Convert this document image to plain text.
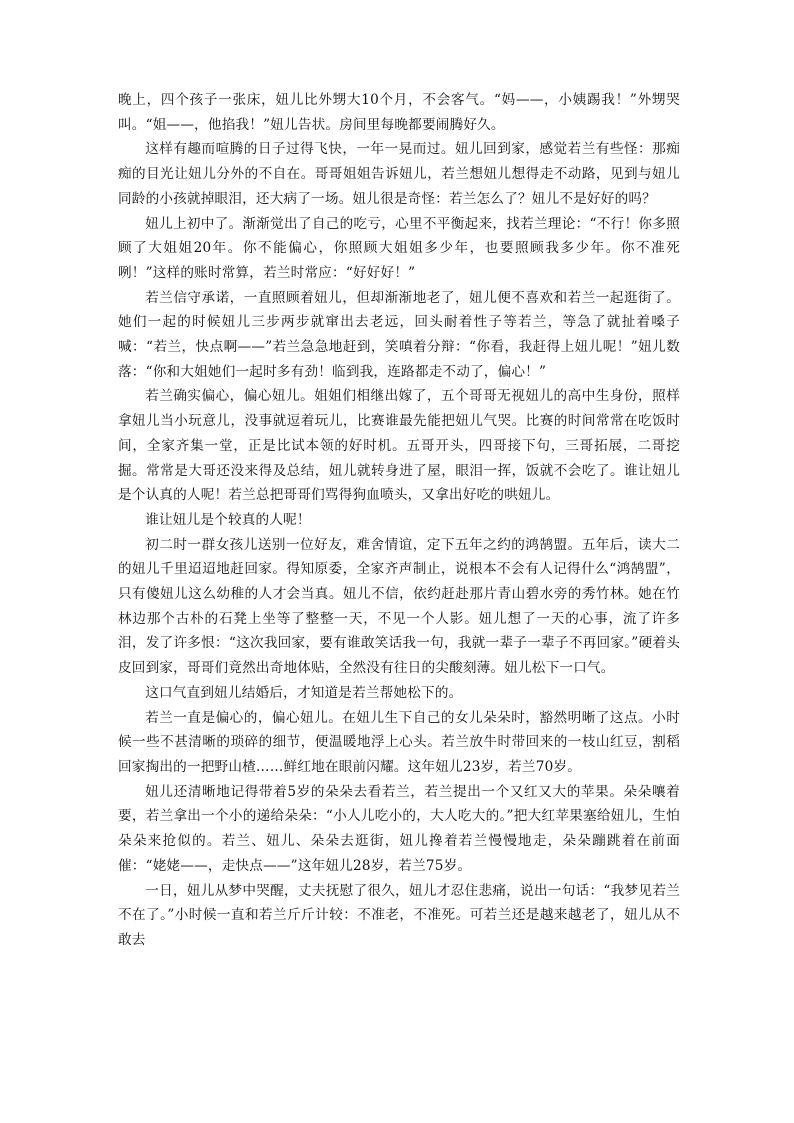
晚上，四个孩子一张床，妞儿比外甥大10个月，不会客气。“妈——，小姨踢我！”外甥哭叫。“姐——，他掐我！”妞儿告状。房间里每晚都要闹腾好久。

这样有趣而喧腾的日子过得飞快，一年一晃而过。妞儿回到家，感觉若兰有些怪：那痴痴的目光让妞儿分外的不自在。哥哥姐姐告诉妞儿，若兰想妞儿想得走不动路，见到与妞儿同龄的小孩就掉眼泪，还大病了一场。妞儿很是奇怪：若兰怎么了？妞儿不是好好的吗？

妞儿上初中了。渐渐觉出了自己的吃亏，心里不平衡起来，找若兰理论：“不行！你多照顾了大姐姐20年。你不能偏心，你照顾大姐姐多少年，也要照顾我多少年。你不准死咧！”这样的账时常算，若兰时常应：“好好好！”

若兰信守承诺，一直照顾着妞儿，但却渐渐地老了，妞儿便不喜欢和若兰一起逛街了。她们一起的时候妞儿三步两步就窜出去老远，回头耐着性子等若兰，等急了就扯着嗓子喊：“若兰，快点啊——”若兰急急地赶到，笑嗔着分辩：“你看，我赶得上妞儿呢！”妞儿数落：“你和大姐她们一起时多有劲！临到我，连路都走不动了，偏心！”

若兰确实偏心，偏心妞儿。姐姐们相继出嫁了，五个哥哥无视妞儿的高中生身份，照样拿妞儿当小玩意儿，没事就逗着玩儿，比赛谁最先能把妞儿气哭。比赛的时间常常在吃饭时间，全家齐集一堂，正是比试本领的好时机。五哥开头，四哥接下句，三哥拓展，二哥挖掘。常常是大哥还没来得及总结，妞儿就转身进了屋，眼泪一挥，饭就不会吃了。谁让妞儿是个认真的人呢！若兰总把哥哥们骂得狗血喷头，又拿出好吃的哄妞儿。

谁让妞儿是个较真的人呢！

初二时一群女孩儿送别一位好友，难舍情谊，定下五年之约的鸿鹄盟。五年后，读大二的妞儿千里迢迢地赶回家。得知原委，全家齐声制止，说根本不会有人记得什么“鸿鹄盟”，只有傻妞儿这么幼稚的人才会当真。妞儿不信，依约赶赴那片青山碧水旁的秀竹林。她在竹林边那个古朴的石凳上坐等了整整一天，不见一个人影。妞儿想了一天的心事，流了许多泪，发了许多恨：“这次我回家，要有谁敢笑话我一句，我就一辈子一辈子不再回家。”硬着头皮回到家，哥哥们竟然出奇地体贴，全然没有往日的尖酸刻薄。妞儿松下一口气。

这口气直到妞儿结婚后，才知道是若兰帮她松下的。

若兰一直是偏心的，偏心妞儿。在妞儿生下自己的女儿朵朵时，豁然明晰了这点。小时候一些不甚清晰的琐碎的细节，便温暖地浮上心头。若兰放牛时带回来的一枝山红豆，割稻回家掏出的一把野山楂……鲜红地在眼前闪耀。这年妞儿23岁，若兰70岁。

妞儿还清晰地记得带着5岁的朵朵去看若兰，若兰提出一个又红又大的苹果。朵朵嚷着要，若兰拿出一个小的递给朵朵：“小人儿吃小的，大人吃大的。”把大红苹果塞给妞儿，生怕朵朵来抢似的。若兰、妞儿、朵朵去逛街，妞儿搀着若兰慢慢地走，朵朵蹦跳着在前面催：“姥姥——，走快点——”这年妞儿28岁，若兰75岁。

一日，妞儿从梦中哭醒，丈夫抚慰了很久，妞儿才忍住悲痛，说出一句话：“我梦见若兰不在了。”小时候一直和若兰斤斤计较：不准老，不准死。可若兰还是越来越老了，妞儿从不敢去
